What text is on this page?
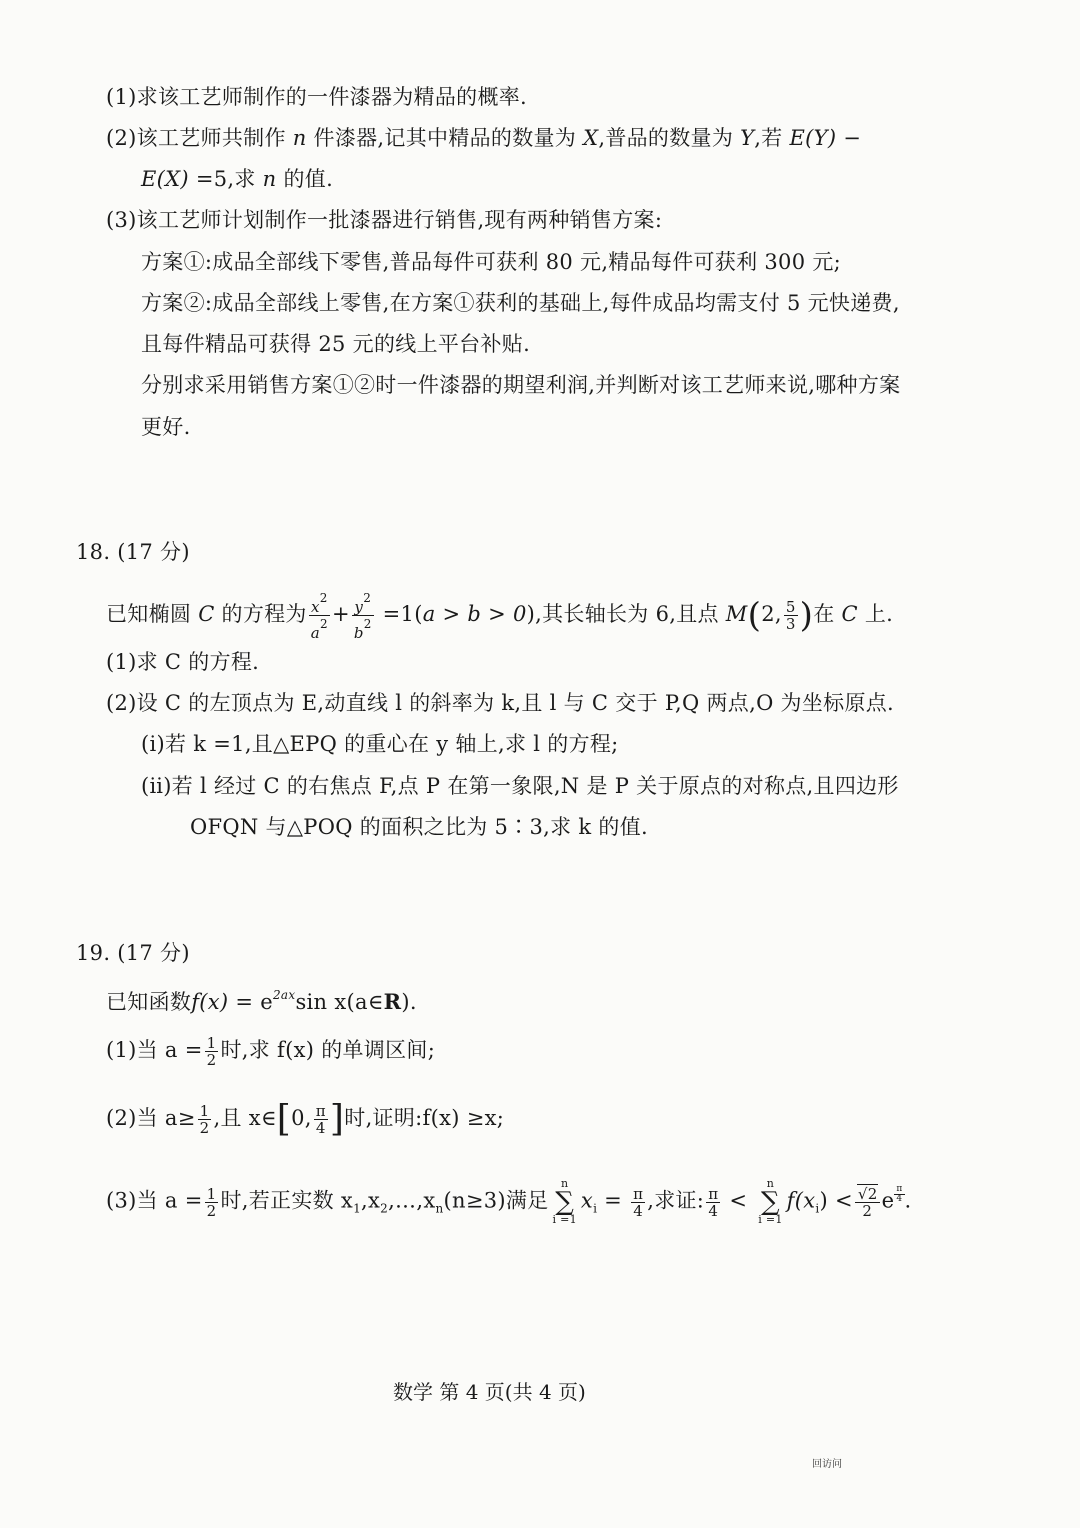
(1)求该工艺师制作的一件漆器为精品的概率.
(2)该工艺师共制作 n 件漆器,记其中精品的数量为 X,普品的数量为 Y,若 E(Y) −
E(X) =5,求 n 的值.
(3)该工艺师计划制作一批漆器进行销售,现有两种销售方案:
方案①:成品全部线下零售,普品每件可获利 80 元,精品每件可获利 300 元;
方案②:成品全部线上零售,在方案①获利的基础上,每件成品均需支付 5 元快递费,
且每件精品可获得 25 元的线上平台补贴.
分别求采用销售方案①②时一件漆器的期望利润,并判断对该工艺师来说,哪种方案
更好.
18. (17 分)
已知椭圆 C 的方程为 $\frac{x^2}{a^2} + \frac{y^2}{b^2} =1(a > b > 0)$,其长轴长为 6,且点 M(2, $\frac{5}{3}$ )在 C 上.
(1)求 C 的方程.
(2)设 C 的左顶点为 E,动直线 l 的斜率为 k,且 l 与 C 交于 P,Q 两点,O 为坐标原点.
(ⅰ)若 k =1,且△EPQ 的重心在 y 轴上,求 l 的方程;
(ⅱ)若 l 经过 C 的右焦点 F,点 P 在第一象限,N 是 P 关于原点的对称点,且四边形
OFQN 与△POQ 的面积之比为 5∶3,求 k 的值.
19. (17 分)
已知函数$f(x) = e^{2ax}\sin$ x(a∈R).
(1)当 $a = \frac{1}{2}$ 时,求 f(x) 的单调区间;
(2)当 $a\ge \frac{1}{2}$ ,且 x∈[0, $\frac{\pi}{4}$ ]时,证明:f(x) ≥x;
(3)当 $a = \frac{1}{2}$ 时,若正实数 $x_1,x_2,\dots,x_n(n\ge 3)$满足
n
∑
i =1
$x_i = \frac{\pi}{4}$ ,求证: $\frac{\pi}{4}$ <
n
∑
i =1
$f(x_i) < \frac{√2}{2}$ e $^{\frac{\pi}{4}}$ .
数学 第 4 页(共 4 页)
回访问
